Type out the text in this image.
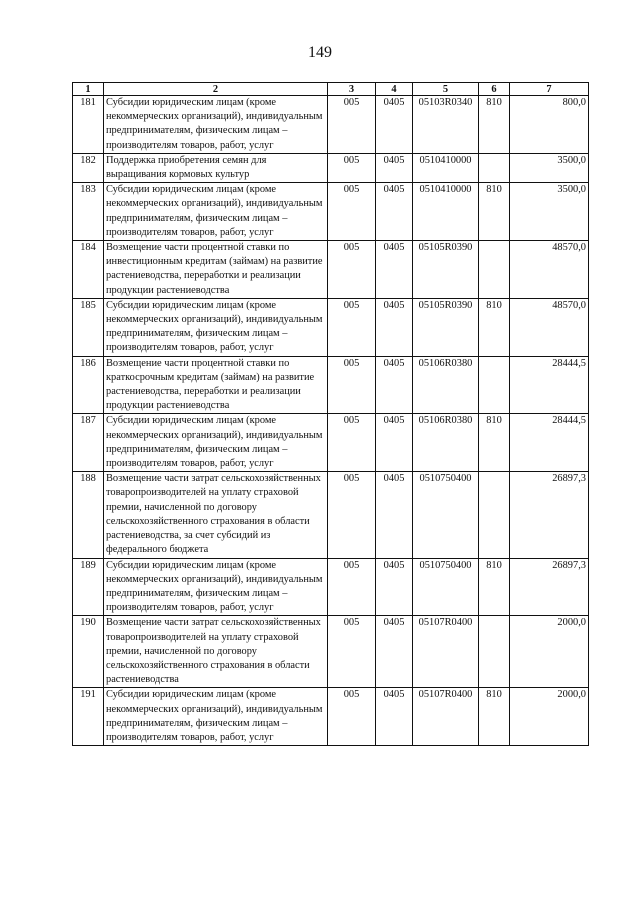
149
1	2	3	4	5	6	7
181	Субсидии юридическим лицам (кроме некоммерческих организаций), индивидуальным предпринимателям, физическим лицам – производителям товаров, работ, услуг	005	0405	05103R0340	810	800,0
182	Поддержка приобретения семян для выращивания кормовых культур	005	0405	0510410000		3500,0
183	Субсидии юридическим лицам (кроме некоммерческих организаций), индивидуальным предпринимателям, физическим лицам – производителям товаров, работ, услуг	005	0405	0510410000	810	3500,0
184	Возмещение части процентной ставки по инвестиционным кредитам (займам) на развитие растениеводства, переработки и реализации продукции растениеводства	005	0405	05105R0390		48570,0
185	Субсидии юридическим лицам (кроме некоммерческих организаций), индивидуальным предпринимателям, физическим лицам – производителям товаров, работ, услуг	005	0405	05105R0390	810	48570,0
186	Возмещение части процентной ставки по краткосрочным кредитам (займам) на развитие растениеводства, переработки и реализации продукции растениеводства	005	0405	05106R0380		28444,5
187	Субсидии юридическим лицам (кроме некоммерческих организаций), индивидуальным предпринимателям, физическим лицам – производителям товаров, работ, услуг	005	0405	05106R0380	810	28444,5
188	Возмещение части затрат сельскохозяйственных товаропроизводителей на уплату страховой премии, начисленной по договору сельскохозяйственного страхования в области растениеводства, за счет субсидий из федерального бюджета	005	0405	0510750400		26897,3
189	Субсидии юридическим лицам (кроме некоммерческих организаций), индивидуальным предпринимателям, физическим лицам – производителям товаров, работ, услуг	005	0405	0510750400	810	26897,3
190	Возмещение части затрат сельскохозяйственных товаропроизводителей на уплату страховой премии, начисленной по договору сельскохозяйственного страхования в области растениеводства	005	0405	05107R0400		2000,0
191	Субсидии юридическим лицам (кроме некоммерческих организаций), индивидуальным предпринимателям, физическим лицам – производителям товаров, работ, услуг	005	0405	05107R0400	810	2000,0
